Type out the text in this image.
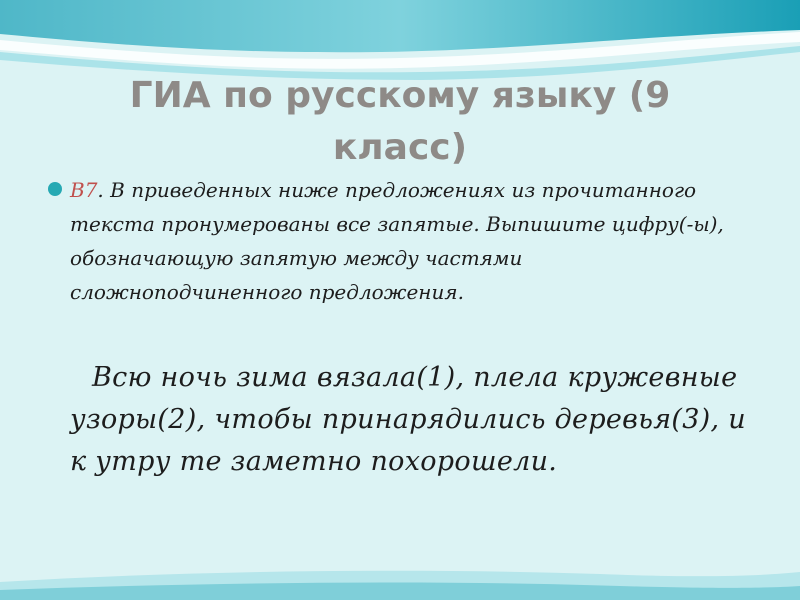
ГИА по русскому языку (9 класс)
В7. В приведенных ниже предложениях из прочитанного текста пронумерованы все запятые. Выпишите цифру(-ы), обозначающую запятую между частями сложноподчиненного предложения.
Всю ночь зима вязала(1), плела кружевные узоры(2), чтобы принарядились деревья(3), и к утру те заметно похорошели.
